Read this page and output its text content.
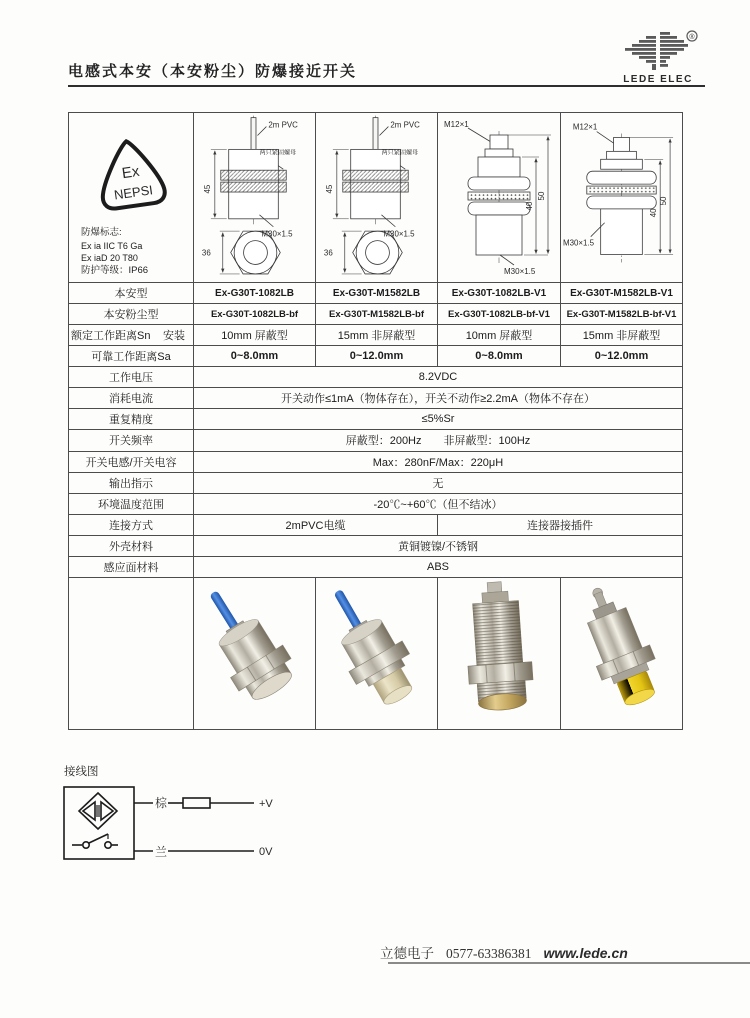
电感式本安（本安粉尘）防爆接近开关
®
LEDE ELEC
Ex
NEPSI
防爆标志:
Ex ia IIC T6 Ga
Ex iaD 20 T80
防护等级：IP66

2m PVC
两只紧固螺母
45
M30×1.5
36

2m PVC
两只紧固螺母
45
M30×1.5
36

M12×1
40
50
M30×1.5

M12×1
40
50
M30×1.5

本安型	Ex-G30T-1082LB	Ex-G30T-M1582LB	Ex-G30T-1082LB-V1	Ex-G30T-M1582LB-V1
本安粉尘型	Ex-G30T-1082LB-bf	Ex-G30T-M1582LB-bf	Ex-G30T-1082LB-bf-V1	Ex-G30T-M1582LB-bf-V1

额定工作距离Sn 安装	10mm 屏蔽型	15mm 非屏蔽型	10mm 屏蔽型	15mm 非屏蔽型
可靠工作距离Sa	0~8.0mm	0~12.0mm	0~8.0mm	0~12.0mm
工作电压	8.2VDC			
消耗电流	开关动作≤1mA（物体存在），开关不动作≥2.2mA（物体不存在）			
重复精度	≤5%Sr			
开关频率	屏蔽型：200Hz　　非屏蔽型：100Hz			
开关电感/开关电容	Max：280nF/Max：220μH			
输出指示	无			
环境温度范围	-20℃~+60℃（但不结冰）			
连接方式	2mPVC电缆		连接器接插件	
外壳材料	黄铜镀镍/不锈钢			
感应面材料	ABS			

接线图
棕	+V
兰	0V
立德电子 0577-63386381 www.lede.cn
